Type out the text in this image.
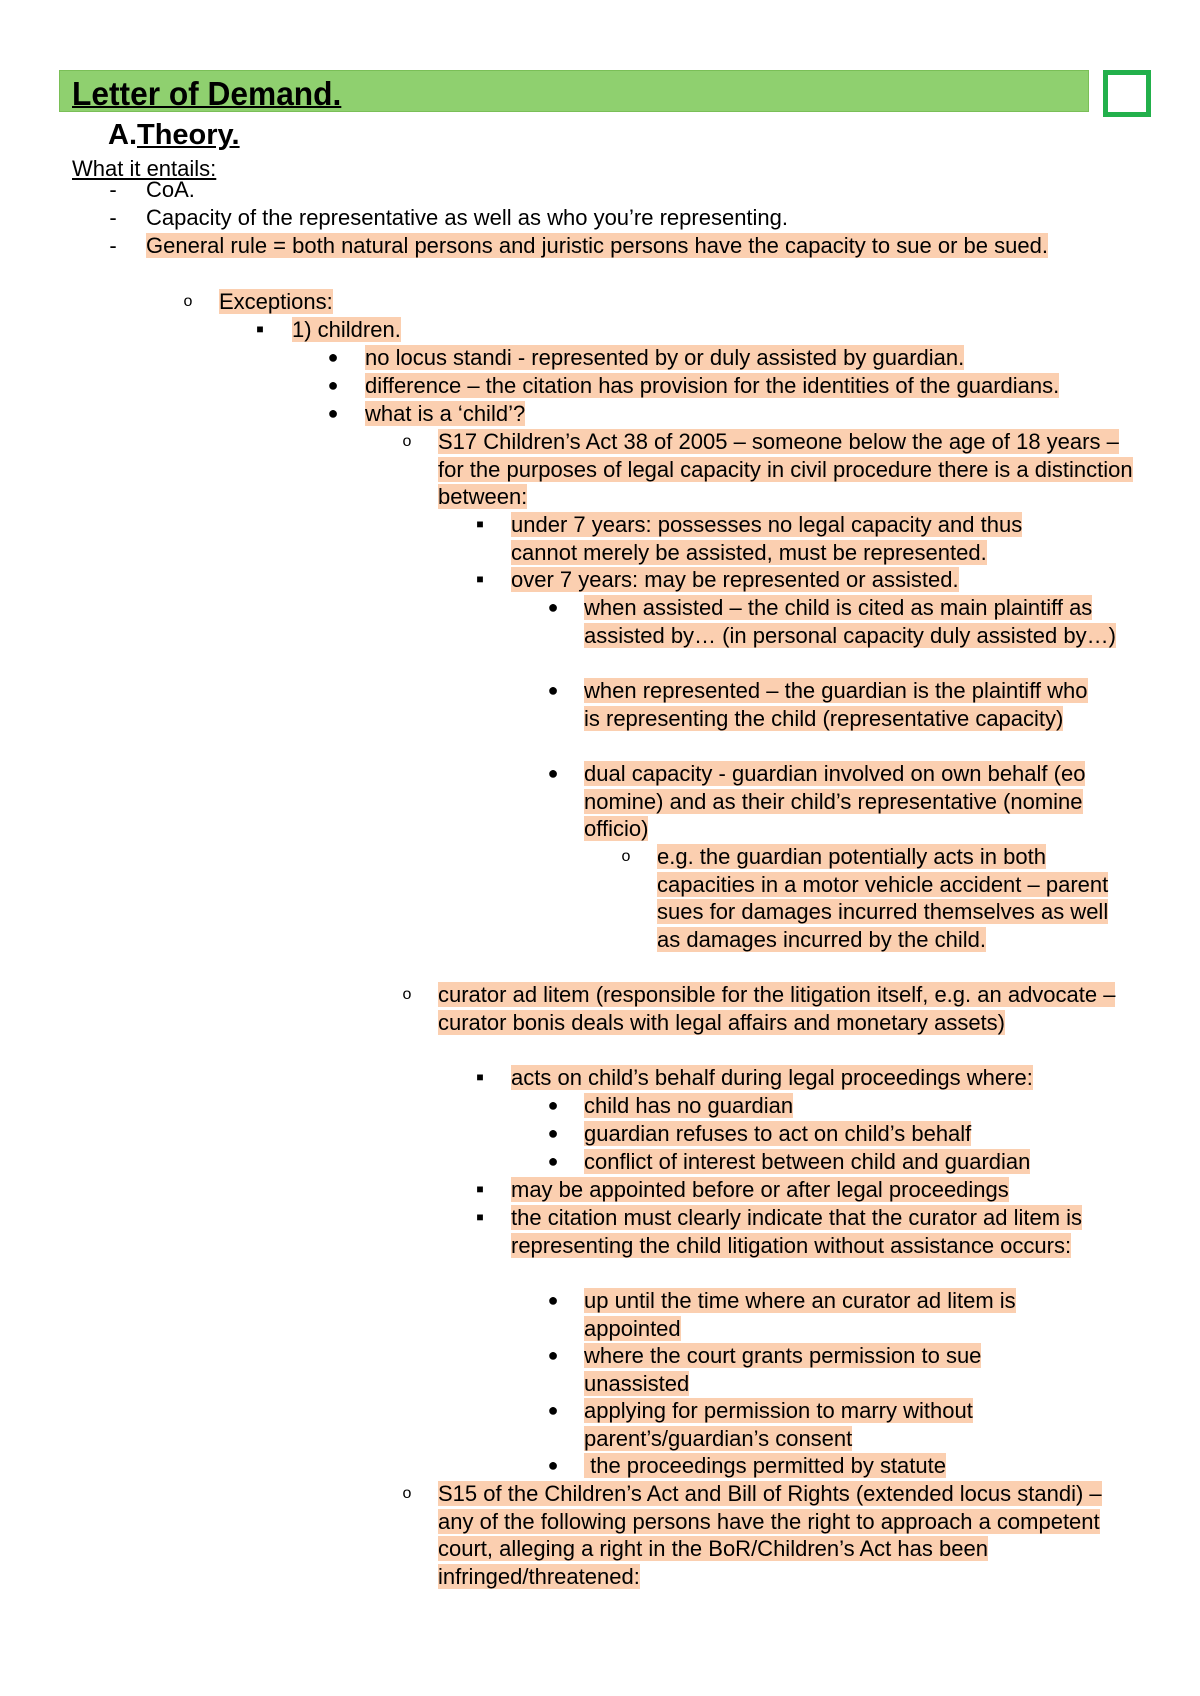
Letter of Demand.
A.Theory.
What it entails:
- CoA.
- Capacity of the representative as well as who you’re representing.
- General rule = both natural persons and juristic persons have the capacity to sue or be sued.
o Exceptions:
■ 1) children.
● no locus standi - represented by or duly assisted by guardian.
● difference – the citation has provision for the identities of the guardians.
● what is a ‘child’?
o S17 Children’s Act 38 of 2005 – someone below the age of 18 years – for the purposes of legal capacity in civil procedure there is a distinction between:
■ under 7 years: possesses no legal capacity and thus cannot merely be assisted, must be represented.
■ over 7 years: may be represented or assisted.
● when assisted – the child is cited as main plaintiff as assisted by… (in personal capacity duly assisted by…)
● when represented – the guardian is the plaintiff who is representing the child (representative capacity)
● dual capacity - guardian involved on own behalf (eo nomine) and as their child’s representative (nomine officio)
o e.g. the guardian potentially acts in both capacities in a motor vehicle accident – parent sues for damages incurred themselves as well as damages incurred by the child.
o curator ad litem (responsible for the litigation itself, e.g. an advocate – curator bonis deals with legal affairs and monetary assets)
■ acts on child’s behalf during legal proceedings where:
● child has no guardian
● guardian refuses to act on child’s behalf
● conflict of interest between child and guardian
■ may be appointed before or after legal proceedings
■ the citation must clearly indicate that the curator ad litem is representing the child litigation without assistance occurs:
● up until the time where an curator ad litem is appointed
● where the court grants permission to sue unassisted
● applying for permission to marry without parent’s/guardian’s consent
● the proceedings permitted by statute
o S15 of the Children’s Act and Bill of Rights (extended locus standi) – any of the following persons have the right to approach a competent court, alleging a right in the BoR/Children’s Act has been infringed/threatened:
